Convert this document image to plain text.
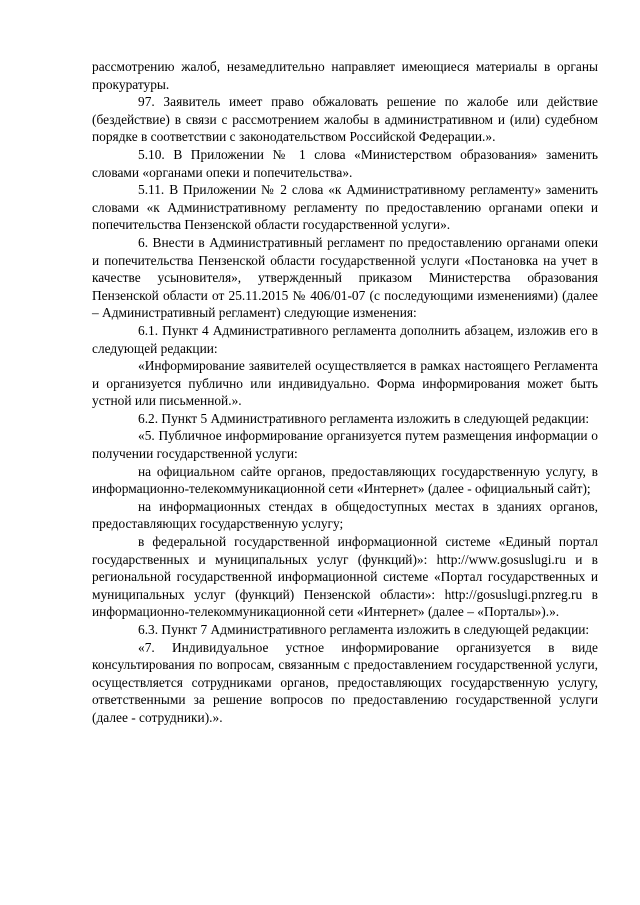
рассмотрению жалоб, незамедлительно направляет имеющиеся материалы в органы прокуратуры.

97. Заявитель имеет право обжаловать решение по жалобе или действие (бездействие) в связи с рассмотрением жалобы в административном и (или) судебном порядке в соответствии с законодательством Российской Федерации.».

5.10. В Приложении № 1 слова «Министерством образования» заменить словами «органами опеки и попечительства».

5.11. В Приложении № 2 слова «к Административному регламенту» заменить словами «к Административному регламенту по предоставлению органами опеки и попечительства Пензенской области государственной услуги».

6. Внести в Административный регламент по предоставлению органами опеки и попечительства Пензенской области государственной услуги «Постановка на учет в качестве усыновителя», утвержденный приказом Министерства образования Пензенской области от 25.11.2015 № 406/01-07 (с последующими изменениями) (далее – Административный регламент) следующие изменения:

6.1. Пункт 4 Административного регламента дополнить абзацем, изложив его в следующей редакции:

«Информирование заявителей осуществляется в рамках настоящего Регламента и организуется публично или индивидуально. Форма информирования может быть устной или письменной.».

6.2. Пункт 5 Административного регламента изложить в следующей редакции:

«5. Публичное информирование организуется путем размещения информации о получении государственной услуги:

на официальном сайте органов, предоставляющих государственную услугу, в информационно-телекоммуникационной сети «Интернет» (далее - официальный сайт);

на информационных стендах в общедоступных местах в зданиях органов, предоставляющих государственную услугу;

в федеральной государственной информационной системе «Единый портал государственных и муниципальных услуг (функций)»: http://www.gosuslugi.ru и в региональной государственной информационной системе «Портал государственных и муниципальных услуг (функций) Пензенской области»: http://gosuslugi.pnzreg.ru в информационно-телекоммуникационной сети «Интернет» (далее – «Порталы»).».

6.3. Пункт 7 Административного регламента изложить в следующей редакции:

«7. Индивидуальное устное информирование организуется в виде консультирования по вопросам, связанным с предоставлением государственной услуги, осуществляется сотрудниками органов, предоставляющих государственную услугу, ответственными за решение вопросов по предоставлению государственной услуги (далее - сотрудники).».
